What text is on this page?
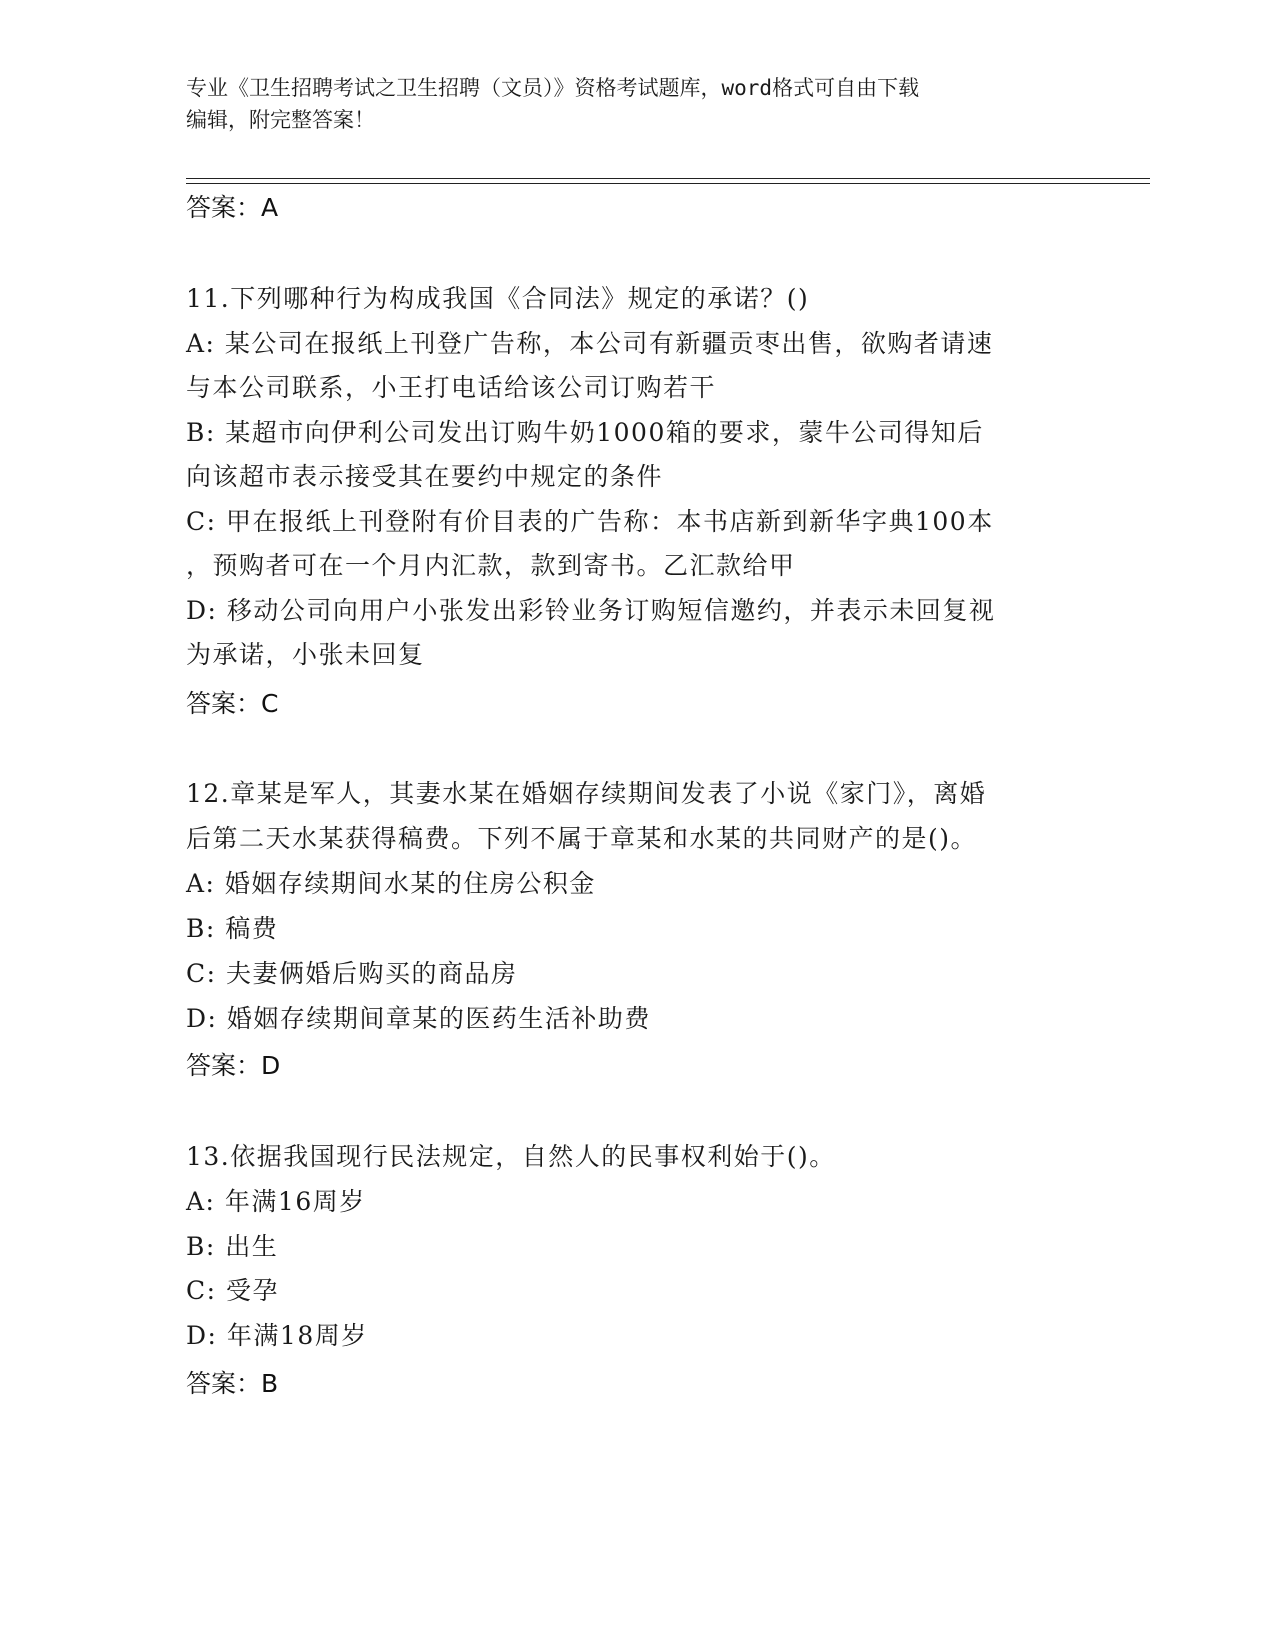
专业《卫生招聘考试之卫生招聘（文员）》资格考试题库，word格式可自由下载
编辑，附完整答案！
答案：A
11.下列哪种行为构成我国《合同法》规定的承诺？()
A: 某公司在报纸上刊登广告称，本公司有新疆贡枣出售，欲购者请速
与本公司联系，小王打电话给该公司订购若干
B: 某超市向伊利公司发出订购牛奶1000箱的要求，蒙牛公司得知后
向该超市表示接受其在要约中规定的条件
C: 甲在报纸上刊登附有价目表的广告称：本书店新到新华字典100本
，预购者可在一个月内汇款，款到寄书。乙汇款给甲
D: 移动公司向用户小张发出彩铃业务订购短信邀约，并表示未回复视
为承诺，小张未回复
答案：C
12.章某是军人，其妻水某在婚姻存续期间发表了小说《家门》，离婚
后第二天水某获得稿费。下列不属于章某和水某的共同财产的是()。
A: 婚姻存续期间水某的住房公积金
B: 稿费
C: 夫妻俩婚后购买的商品房
D: 婚姻存续期间章某的医药生活补助费
答案：D
13.依据我国现行民法规定，自然人的民事权利始于()。
A: 年满16周岁
B: 出生
C: 受孕
D: 年满18周岁
答案：B
